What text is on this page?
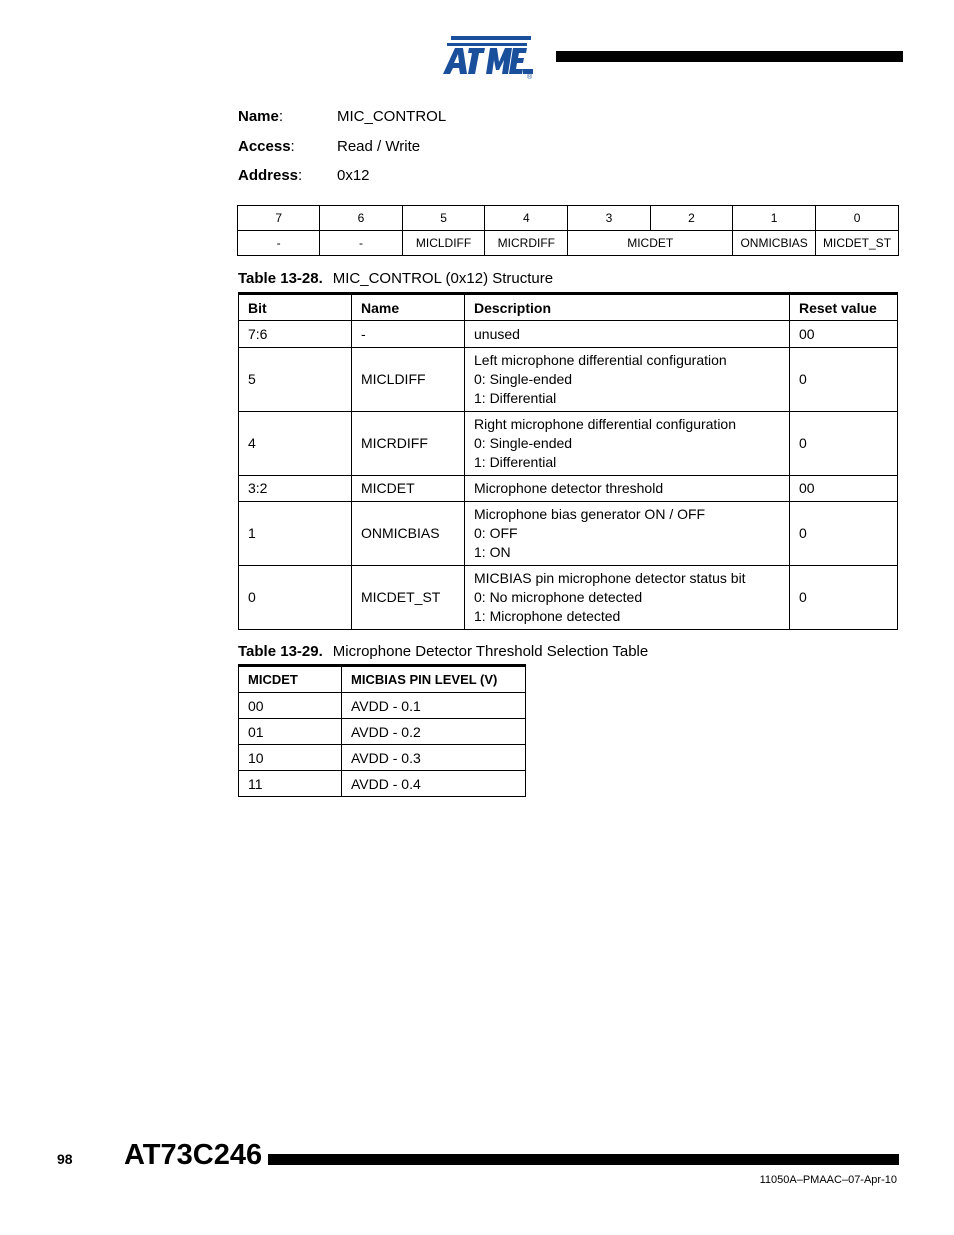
®
Name:	MIC_CONTROL
Access:	Read / Write
Address: 0x12
7	6	5	4	3	2	1	0
-	-	MICLDIFF	MICRDIFF	MICDET		ONMICBIAS	MICDET_ST
Table 13-28. MIC_CONTROL (0x12) Structure
Bit	Name	Description	Reset value
7:6	-	unused	00
5	MICLDIFF	Left microphone differential configuration
0: Single-ended
1: Differential	0
4	MICRDIFF	Right microphone differential configuration
0: Single-ended
1: Differential	0
3:2	MICDET	Microphone detector threshold	00
1	ONMICBIAS	Microphone bias generator ON / OFF
0: OFF
1: ON	0
0	MICDET_ST	MICBIAS pin microphone detector status bit
0: No microphone detected
1: Microphone detected	0
Table 13-29. Microphone Detector Threshold Selection Table
MICDET	MICBIAS PIN LEVEL (V)
00	AVDD - 0.1
01	AVDD - 0.2
10	AVDD - 0.3
11	AVDD - 0.4
98 AT73C246
11050A–PMAAC–07-Apr-10
